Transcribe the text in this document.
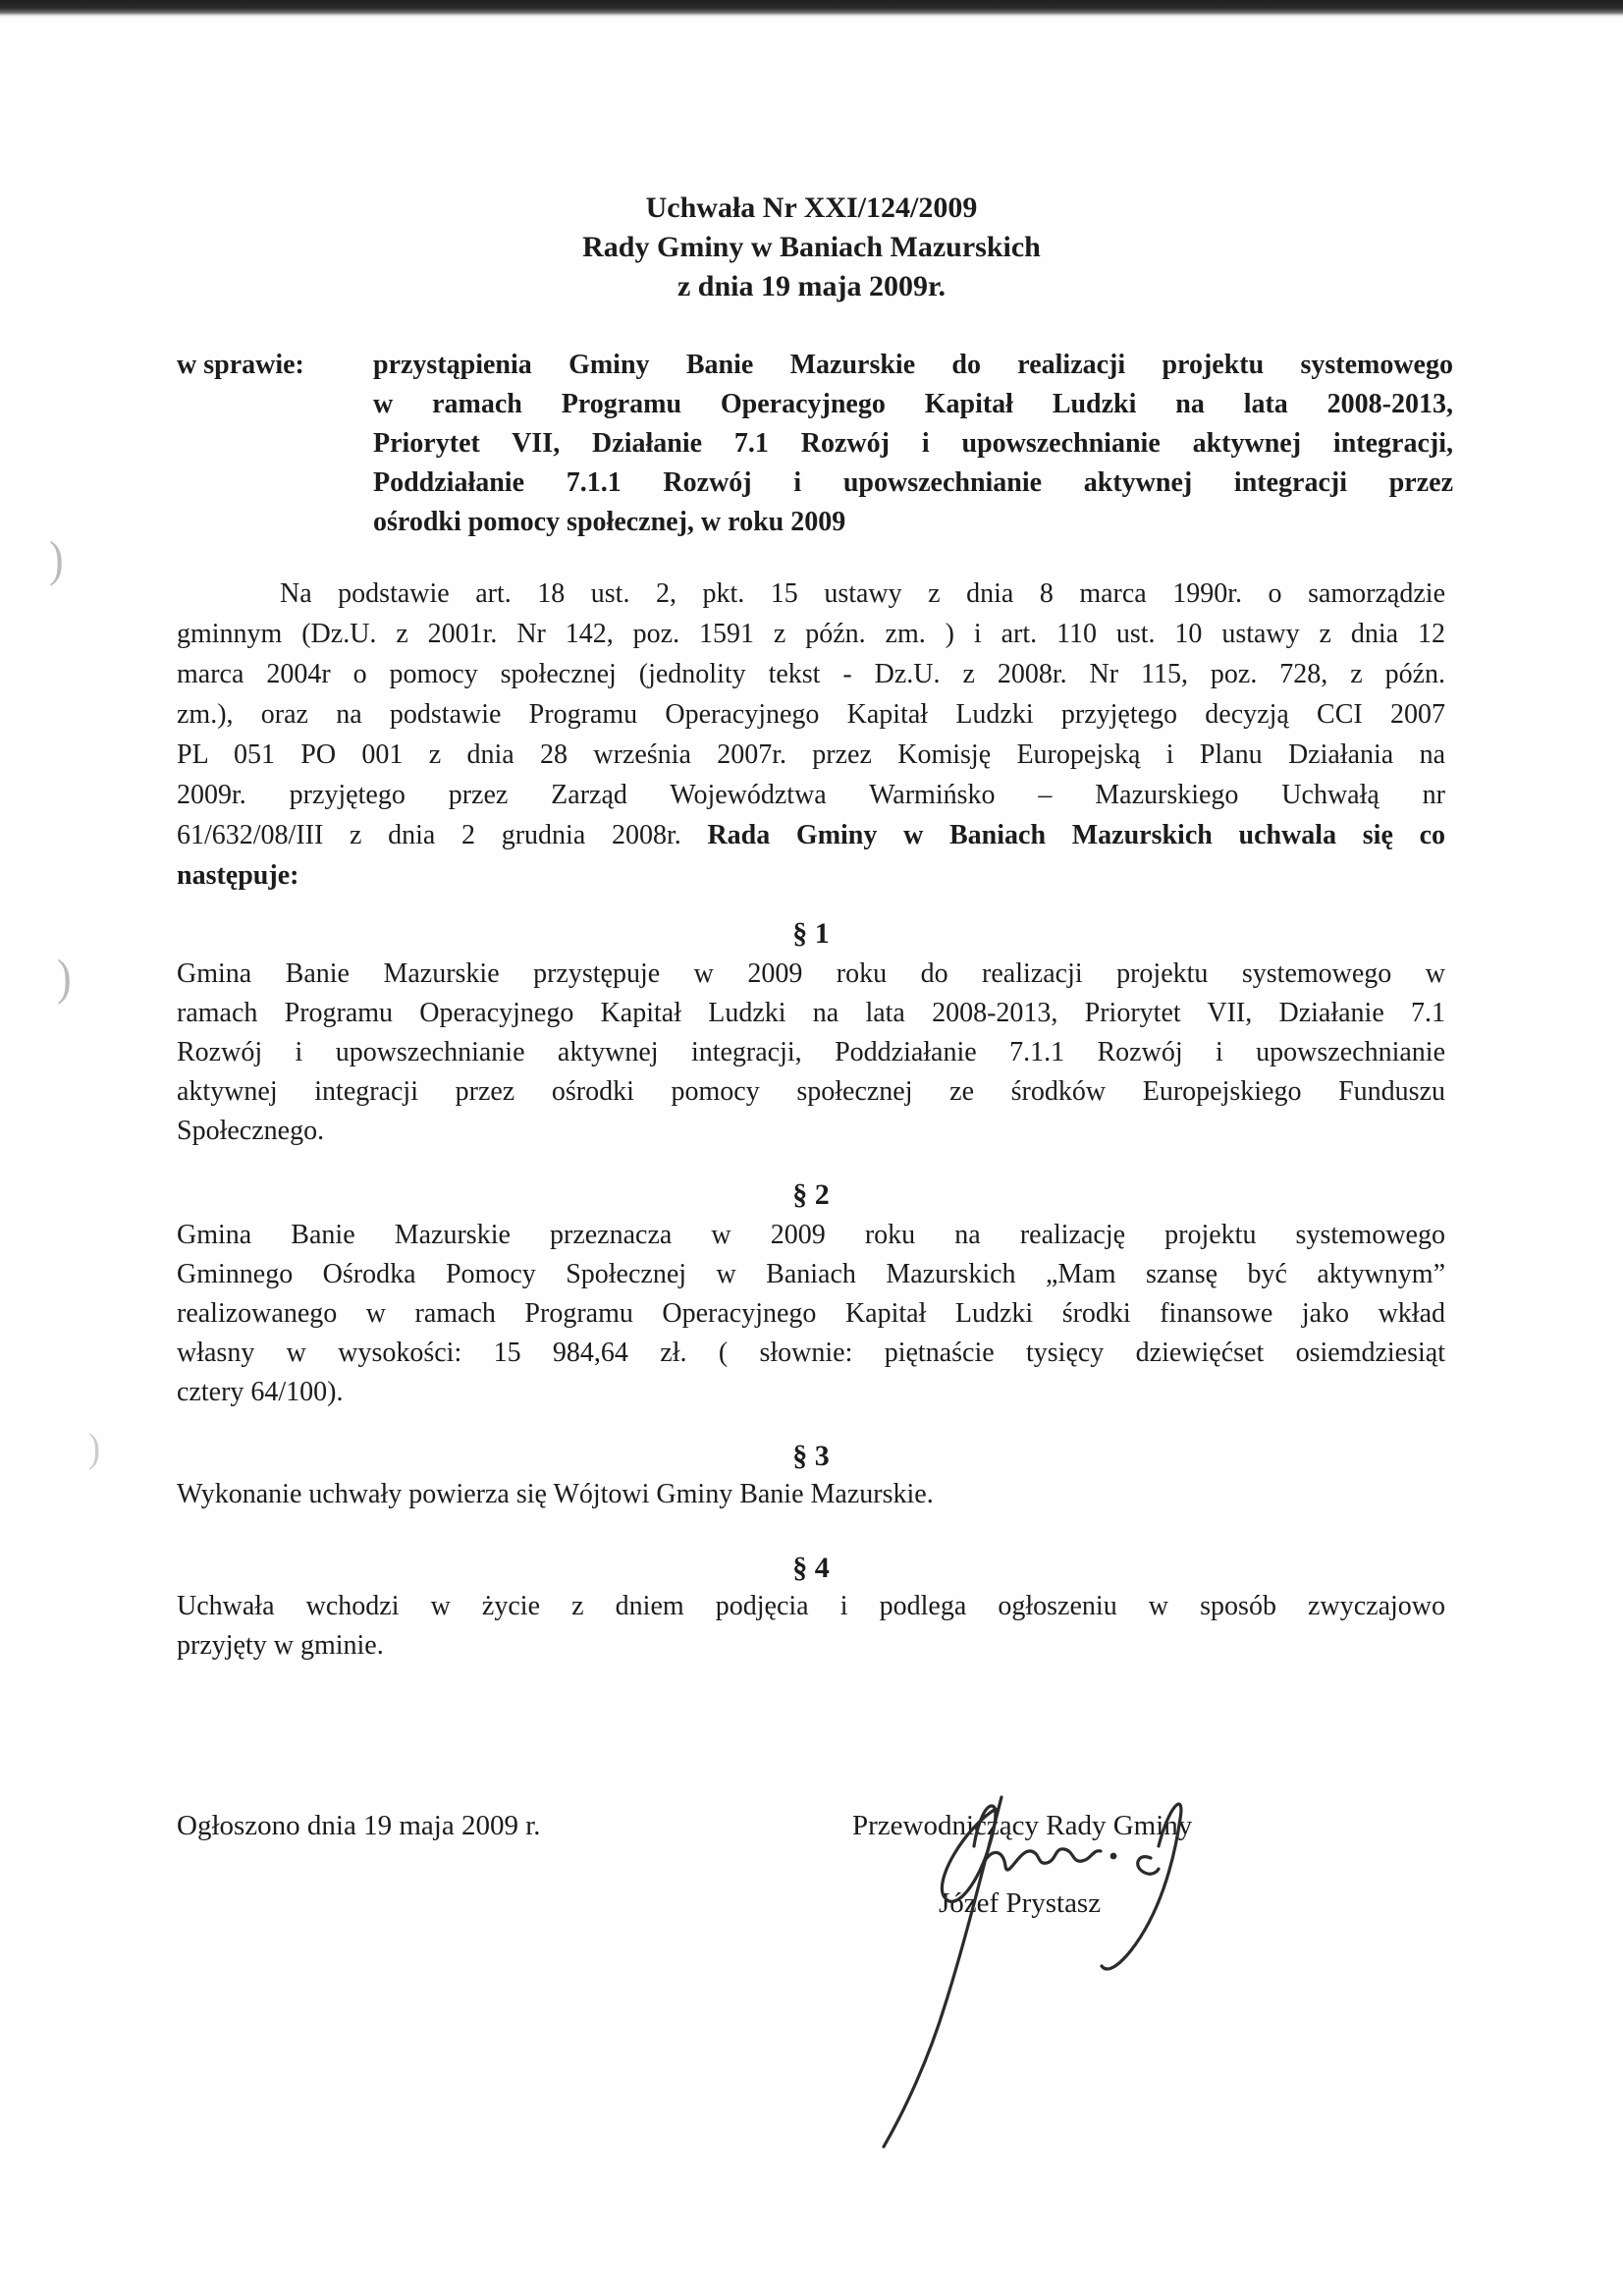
)
)
)
Uchwała Nr XXI/124/2009
Rady Gminy w Baniach Mazurskich
z dnia 19 maja 2009r.
w sprawie:	przystąpienia Gminy Banie Mazurskie do realizacji projektu systemowego
w ramach Programu Operacyjnego Kapitał Ludzki na lata 2008-2013,
Priorytet VII, Działanie 7.1 Rozwój i upowszechnianie aktywnej integracji,
Poddziałanie 7.1.1 Rozwój i upowszechnianie aktywnej integracji przez
ośrodki pomocy społecznej, w roku 2009
Na podstawie art. 18 ust. 2, pkt. 15 ustawy z dnia 8 marca 1990r. o samorządzie
gminnym (Dz.U. z 2001r. Nr 142, poz. 1591 z późn. zm. ) i art. 110 ust. 10 ustawy z dnia 12
marca 2004r o pomocy społecznej (jednolity tekst - Dz.U. z 2008r. Nr 115, poz. 728, z późn.
zm.), oraz na podstawie Programu Operacyjnego Kapitał Ludzki przyjętego decyzją CCI 2007
PL 051 PO 001 z dnia 28 września 2007r. przez Komisję Europejską i Planu Działania na
2009r. przyjętego przez Zarząd Województwa Warmińsko – Mazurskiego Uchwałą nr
61/632/08/III z dnia 2 grudnia 2008r. Rada Gminy w Baniach Mazurskich uchwala się co
następuje:
§ 1
Gmina Banie Mazurskie przystępuje w 2009 roku do realizacji projektu systemowego w
ramach Programu Operacyjnego Kapitał Ludzki na lata 2008-2013, Priorytet VII, Działanie 7.1
Rozwój i upowszechnianie aktywnej integracji, Poddziałanie 7.1.1 Rozwój i upowszechnianie
aktywnej integracji przez ośrodki pomocy społecznej ze środków Europejskiego Funduszu
Społecznego.
§ 2
Gmina Banie Mazurskie przeznacza w 2009 roku na realizację projektu systemowego
Gminnego Ośrodka Pomocy Społecznej w Baniach Mazurskich „Mam szansę być aktywnym”
realizowanego w ramach Programu Operacyjnego Kapitał Ludzki środki finansowe jako wkład
własny w wysokości: 15 984,64 zł. ( słownie: piętnaście tysięcy dziewięćset osiemdziesiąt
cztery 64/100).
§ 3
Wykonanie uchwały powierza się Wójtowi Gminy Banie Mazurskie.
§ 4
Uchwała wchodzi w życie z dniem podjęcia i podlega ogłoszeniu w sposób zwyczajowo
przyjęty w gminie.
Ogłoszono dnia 19 maja 2009 r.	Przewodniczący Rady Gminy
Józef Prystasz
